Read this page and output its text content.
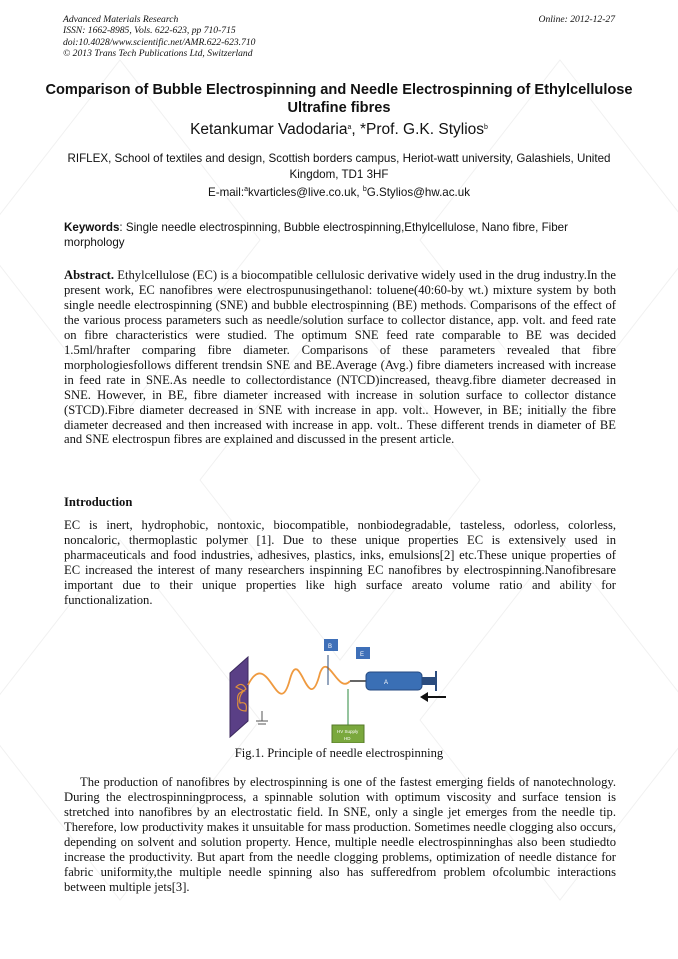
Advanced Materials Research
ISSN: 1662-8985, Vols. 622-623, pp 710-715
doi:10.4028/www.scientific.net/AMR.622-623.710
© 2013 Trans Tech Publications Ltd, Switzerland
Online: 2012-12-27
Comparison of Bubble Electrospinning and Needle Electrospinning of Ethylcellulose Ultrafine fibres
Ketankumar Vadodaria$^a$, *Prof. G.K. Stylios$^b$
RIFLEX, School of textiles and design, Scottish borders campus, Heriot-watt university, Galashiels, United Kingdom, TD1 3HF
E-mail:$^a$kvarticles@live.co.uk, $^b$G.Stylios@hw.ac.uk
Keywords: Single needle electrospinning, Bubble electrospinning,Ethylcellulose, Nano fibre, Fiber morphology
Abstract. Ethylcellulose (EC) is a biocompatible cellulosic derivative widely used in the drug industry.In the present work, EC nanofibres were electrospunusingethanol: toluene(40:60-by wt.) mixture system by both single needle electrospinning (SNE) and bubble electrospinning (BE) methods. Comparisons of the effect of the various process parameters such as needle/solution surface to collector distance, app. volt. and feed rate on fibre characteristics were studied. The optimum SNE feed rate comparable to BE was decided 1.5ml/hrafter comparing fibre diameter. Comparisons of these parameters revealed that fibre morphologiesfollows different trendsin SNE and BE.Average (Avg.) fibre diameters increased with increase in feed rate in SNE.As needle to collectordistance (NTCD)increased, theavg.fibre diameter decreased in SNE. However, in BE, fibre diameter increased with increase in solution surface to collector distance (STCD).Fibre diameter decreased in SNE with increase in app. volt.. However, in BE; initially the fibre diameter decreased and then increased with increase in app. volt.. These different trends in diameter of BE and SNE electrospun fibres are explained and discussed in the present article.
Introduction
EC is inert, hydrophobic, nontoxic, biocompatible, nonbiodegradable, tasteless, odorless, colorless, noncaloric, thermoplastic polymer [1]. Due to these unique properties EC is extensively used in pharmaceuticals and food industries, adhesives, plastics, inks, emulsions[2] etc.These unique properties of EC increased the interest of many researchers inspinning EC nanofibres by electrospinning.Nanofibresare important due to their unique properties like high surface areato volume ratio and ability for functionalization.
B
E
A
HV Supply
HD
Fig.1. Principle of needle electrospinning
The production of nanofibres by electrospinning is one of the fastest emerging fields of nanotechnology. During the electrospinningprocess, a spinnable solution with optimum viscosity and surface tension is stretched into nanofibres by an electrostatic field. In SNE, only a single jet emerges from the needle tip. Therefore, low productivity makes it unsuitable for mass production. Sometimes needle clogging also occurs, depending on solvent and solution property. Hence, multiple needle electrospinninghas also been studiedto increase the productivity. But apart from the needle clogging problems, optimization of needle distance for fabric uniformity,the multiple needle spinning also has sufferedfrom problem ofcolumbic interactions between multiple jets[3].
